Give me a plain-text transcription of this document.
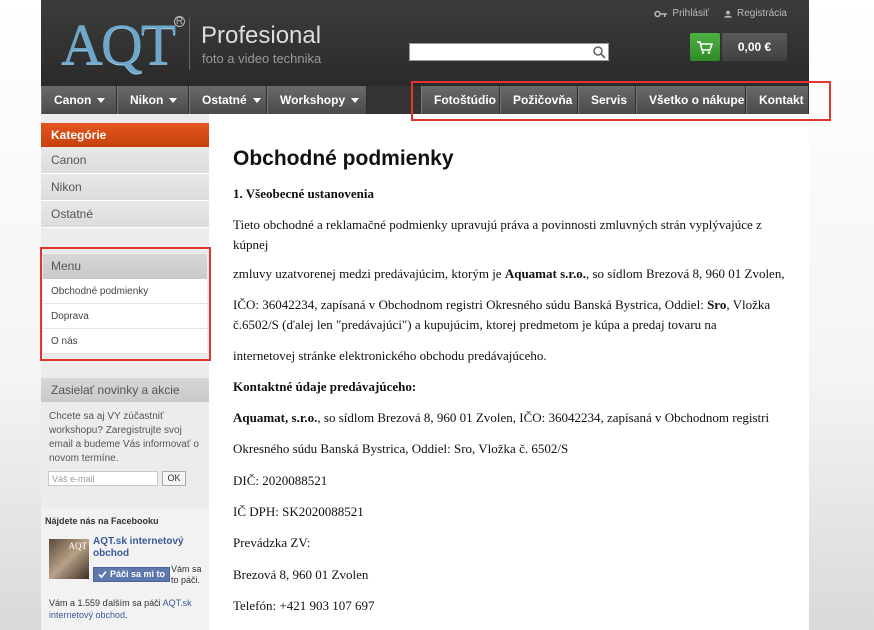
AQT R
Profesional
foto a video technika
Prihlásiť	Registrácia
0,00 €
Canon	Nikon	Ostatné	Workshopy	Fotoštúdio	Požičovňa	Servis	Všetko o nákupe	Kontakt
Kategórie
Canon
Nikon
Ostatné
Menu
Obchodné podmienky
Doprava
O nás
Zasielať novinky a akcie
Chcete sa aj VY zúčastniť workshopu? Zaregistrujte svoj email a budeme Vás informovať o novom termíne.
Váš e-mail	OK
Nájdete nás na Facebooku
AQT AQT.sk internetový obchod
Páči sa mi to Vám sa to páči.
Vám a 1.559 ďalším sa páči AQT.sk internetový obchod.
Obchodné podmienky
1. Všeobecné ustanovenia
Tieto obchodné a reklamačné podmienky upravujú práva a povinnosti zmluvných strán vyplývajúce z kúpnej
zmluvy uzatvorenej medzi predávajúcim, ktorým je Aquamat s.r.o., so sídlom Brezová 8, 960 01 Zvolen,
IČO: 36042234, zapísaná v Obchodnom registri Okresného súdu Banská Bystrica, Oddiel: Sro, Vložka č.6502/S (ďalej len "predávajúci") a kupujúcim, ktorej predmetom je kúpa a predaj tovaru na
internetovej stránke elektronického obchodu predávajúceho.
Kontaktné údaje predávajúceho:
Aquamat, s.r.o., so sídlom Brezová 8, 960 01 Zvolen, IČO: 36042234, zapísaná v Obchodnom registri
Okresného súdu Banská Bystrica, Oddiel: Sro, Vložka č. 6502/S
DIČ: 2020088521
IČ DPH: SK2020088521
Prevádzka ZV:
Brezová 8, 960 01 Zvolen
Telefón: +421 903 107 697
